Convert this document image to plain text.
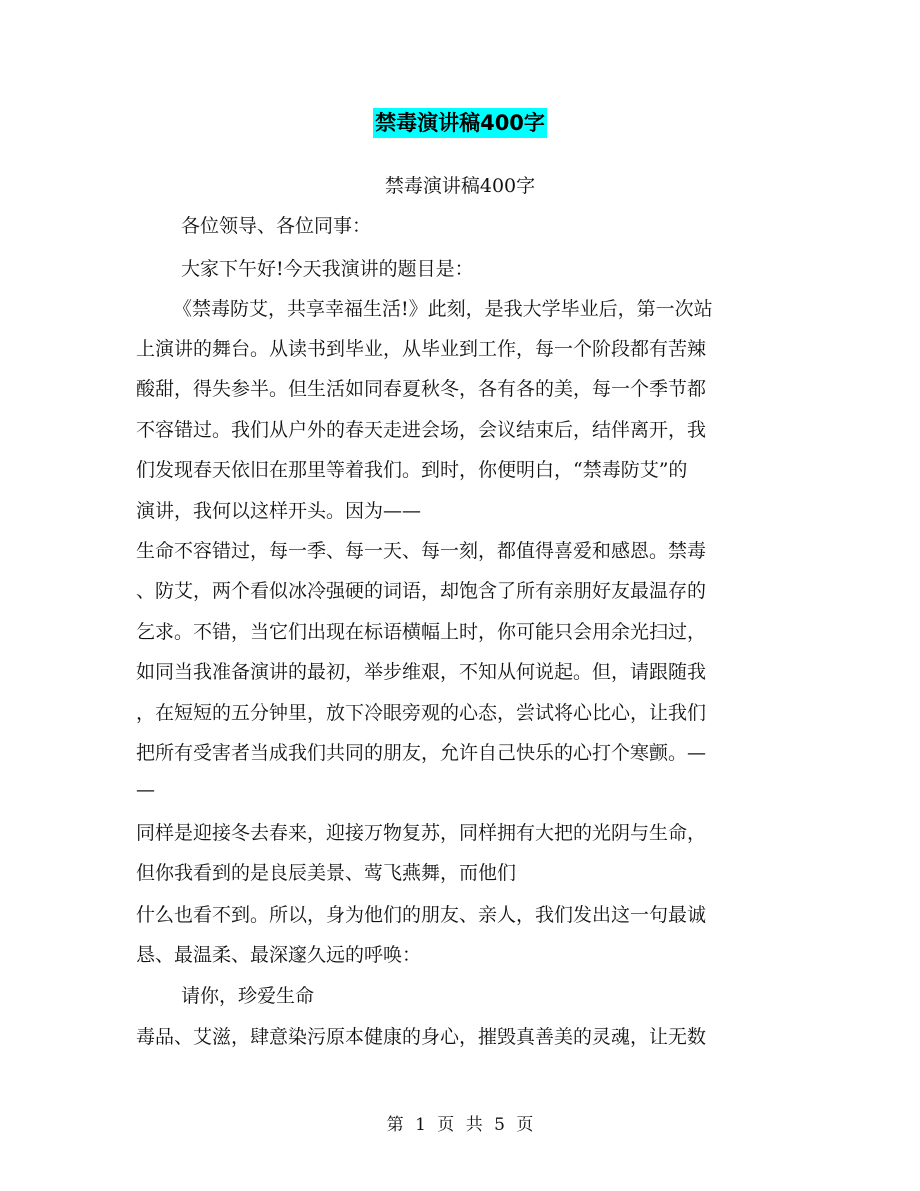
禁毒演讲稿400字
禁毒演讲稿400字
各位领导、各位同事：
大家下午好!今天我演讲的题目是：
《禁毒防艾，共享幸福生活!》此刻，是我大学毕业后，第一次站
上演讲的舞台。从读书到毕业，从毕业到工作，每一个阶段都有苦辣
酸甜，得失参半。但生活如同春夏秋冬，各有各的美，每一个季节都
不容错过。我们从户外的春天走进会场，会议结束后，结伴离开，我
们发现春天依旧在那里等着我们。到时，你便明白，“禁毒防艾”的
演讲，我何以这样开头。因为——
生命不容错过，每一季、每一天、每一刻，都值得喜爱和感恩。禁毒
、防艾，两个看似冰冷强硬的词语，却饱含了所有亲朋好友最温存的
乞求。不错，当它们出现在标语横幅上时，你可能只会用余光扫过，
如同当我准备演讲的最初，举步维艰，不知从何说起。但，请跟随我
，在短短的五分钟里，放下冷眼旁观的心态，尝试将心比心，让我们
把所有受害者当成我们共同的朋友，允许自己快乐的心打个寒颤。—
—
同样是迎接冬去春来，迎接万物复苏，同样拥有大把的光阴与生命，
但你我看到的是良辰美景、莺飞燕舞，而他们
什么也看不到。所以，身为他们的朋友、亲人，我们发出这一句最诚
恳、最温柔、最深邃久远的呼唤：
请你，珍爱生命
毒品、艾滋，肆意染污原本健康的身心，摧毁真善美的灵魂，让无数
第 1 页 共 5 页
